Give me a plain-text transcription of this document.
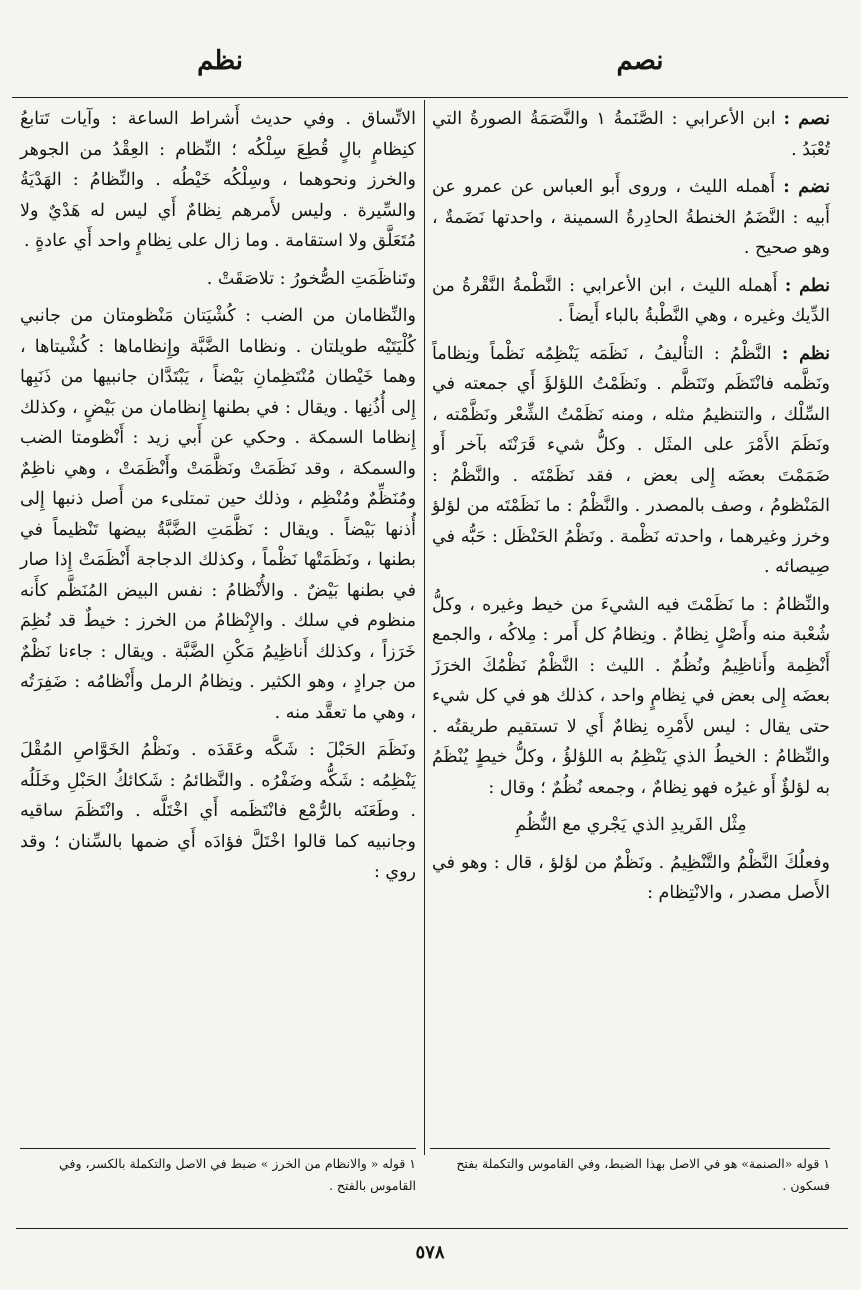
نصم
نظم

نصم : ابن الأعرابي : الصَّنَمةُ ١ والنَّصَمَةُ الصورةُ التي تُعْبَدُ .

نضم : أَهمله الليث ، وروى أَبو العباس عن عمرو عن أَبيه : النَّضَمُ الخنطةُ الحادِرةُ السمينة ، واحدتها نَضَمةٌ ، وهو صحيح .

نطم : أَهمله الليث ، ابن الأعرابي : النَّطْمةُ النَّقْرةُ من الدِّيك وغيره ، وهي النَّطْبةُ بالباء أَيضاً .

نظم : النَّظْمُ : التأْليفُ ، نَظَمَه يَنْظِمُه نَظْماً ونِظاماً ونَظَّمه فانْتَظَم وتَنَظَّم . ونَظَمْتُ اللؤلؤَ أَي جمعته في السِّلْك ، والتنظيمُ مثله ، ومنه نَظَمْتُ الشِّعْر ونَظَّمْته ، ونَظَمَ الأَمْرَ على المثَل . وكلُّ شيء قَرَنْتَه بآخر أَو ضَمَمْتَ بعضَه إِلى بعض ، فقد نَظَمْتَه . والنَّظْمُ : المَنْظومُ ، وصف بالمصدر . والنَّظْمُ : ما نَظَمْتَه من لؤلؤ وخرز وغيرهما ، واحدته نَظْمة . ونَظْمُ الحَنْظَل : حَبُّه في صِيصائه .

والنِّظامُ : ما نَظَمْتَ فيه الشيءَ من خيط وغيره ، وكلُّ شُعْبة منه وأَصْلٍ نِظامٌ . ونِظامُ كل أَمر : مِلاكُه ، والجمع أَنْظِمة وأَناظِيمُ ونُظُمٌ . الليث : النَّظْمُ نَظْمُكَ الخرَزَ بعضَه إِلى بعض في نِظامٍ واحد ، كذلك هو في كل شيء حتى يقال : ليس لأَمْرِه نِظامٌ أَي لا تستقيم طريقتُه . والنِّظامُ : الخيطُ الذي يَنْظِمُ به اللؤلؤُ ، وكلُّ خيطٍ يُنْظَمُ به لؤلؤٌ أَو غيرُه فهو نِظامٌ ، وجمعه نُظُمٌ ؛ وقال :

مِثْل الفَريدِ الذي يَجْري مع النُّظُمِ

وفعلُكَ النَّظْمُ والتَّنْظِيمُ . ونَظْمٌ من لؤلؤ ، قال : وهو في الأَصل مصدر ، والانْتِظام :

الاتِّساق . وفي حديث أَشراط الساعة : وآيات تَتابعُ كنِظامٍ بالٍ قُطِعَ سِلْكُه ؛ النِّظام : العِقْدُ من الجوهر والخرز ونحوهما ، وسِلْكُه خَيْطُه . والنِّظامُ : الهَدْيَةُ والسِّيرة . وليس لأَمرهم نِظامٌ أَي ليس له هَدْيٌ ولا مُتَعَلَّق ولا استقامة . وما زال على نِظامٍ واحد أَي عادةٍ .

وتَناظَمَتِ الصُّخورُ : تلاصَقَتْ .

والنِّظامان من الضب : كُشْيَتان مَنْظومتان من جانبي كُلْيَتَيْه طويلتان . ونظاما الضَّبَّة وإِنظاماها : كُشْيتاها ، وهما خَيْطان مُنْتَظِمانِ بَيْضاً ، يَبْتَدَّان جانبيها من ذَنَبِها إِلى أُذُنِها . ويقال : في بطنها إِنظامان من بَيْضٍ ، وكذلك إِنظاما السمكة . وحكي عن أَبي زيد : أَنْظومتا الضب والسمكة ، وقد نَظَمَتْ ونَظَّمَتْ وأَنْظَمَتْ ، وهي ناظِمٌ ومُنَظِّمٌ ومُنْظِم ، وذلك حين تمتلىء من أَصل ذنبها إِلى أُذنها بَيْضاً . ويقال : نَظَّمَتِ الضَّبَّةُ بيضها تَنْظيماً في بطنها ، ونَظَمَتْها نَظْماً ، وكذلك الدجاجة أَنْظَمَتْ إِذا صار في بطنها بَيْضٌ . والأُنْظامُ : نفس البيض المُنَظَّم كأَنه منظوم في سلك . والإِنْظامُ من الخرز : خيطٌ قد نُظِمَ خَرَزاً ، وكذلك أَناظِيمُ مَكْنِ الضَّبَّة . ويقال : جاءنا نَظْمٌ من جرادٍ ، وهو الكثير . ونِظامُ الرمل وأَنْظامُه : ضَفِرَتُه ، وهي ما تعقَّد منه .

ونَظَمَ الحَبْلَ : شَكَّه وعَقَدَه . ونَظْمُ الخَوَّاصِ المُقْلَ يَنْظِمُه : شَكُّه وضَفْرُه . والنَّظائمُ : شَكائكُ الحَبْلِ وخَلَلُه . وطَعَنَه بالرُّمْع فانْتَظَمه أَي اخْتَلَّه . وانْتَظَمَ ساقيه وجانبيه كما قالوا اخْتَلَّ فؤادَه أَي ضمها بالسِّنان ؛ وقد روي :

١ قوله «الصنمة» هو في الاصل بهذا الضبط، وفي القاموس والتكملة بفتح فسكون .
١ قوله « والانظام من الخرز » ضبط في الاصل والتكملة بالكسر، وفي القاموس بالفتح .
٥٧٨
